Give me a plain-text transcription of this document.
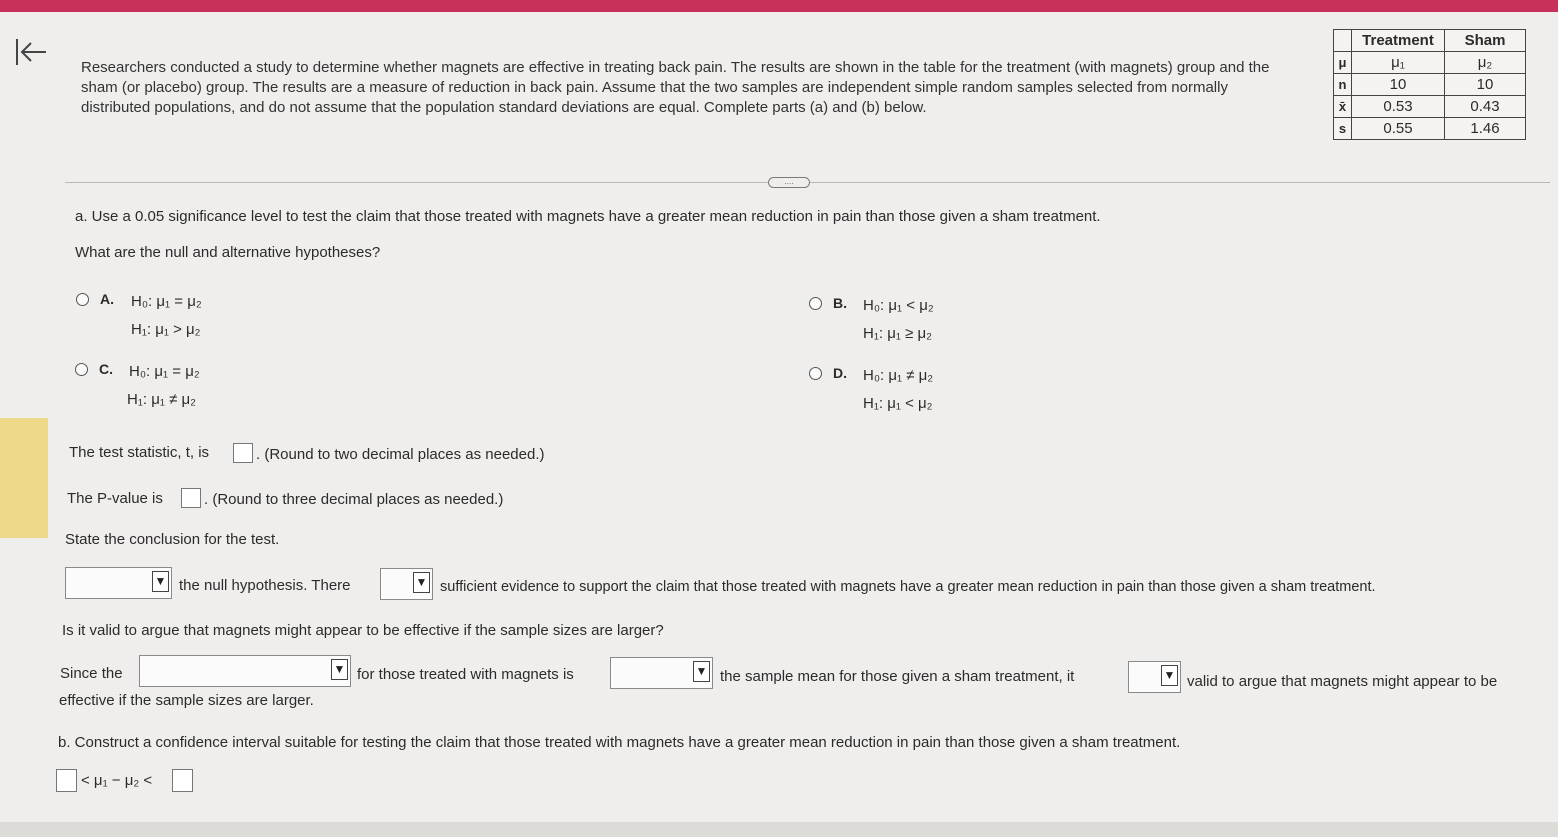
Researchers conducted a study to determine whether magnets are effective in treating back pain. The results are shown in the table for the treatment (with magnets) group and the sham (or placebo) group. The results are a measure of reduction in back pain. Assume that the two samples are independent simple random samples selected from normally distributed populations, and do not assume that the population standard deviations are equal. Complete parts (a) and (b) below.

	Treatment	Sham
μ	μ₁	μ₂
n	10	10
x̄	0.53	0.43
s	0.55	1.46
....
a. Use a 0.05 significance level to test the claim that those treated with magnets have a greater mean reduction in pain than those given a sham treatment.
What are the null and alternative hypotheses?
A. H₀: μ₁ = μ₂
H₁: μ₁ > μ₂
B. H₀: μ₁ < μ₂
H₁: μ₁ ≥ μ₂
C. H₀: μ₁ = μ₂
H₁: μ₁ ≠ μ₂
D. H₀: μ₁ ≠ μ₂
H₁: μ₁ < μ₂
The test statistic, t, is	. (Round to two decimal places as needed.)
The P-value is	. (Round to three decimal places as needed.)
State the conclusion for the test.
▼ the null hypothesis. There	▼ sufficient evidence to support the claim that those treated with magnets have a greater mean reduction in pain than those given a sham treatment.
Is it valid to argue that magnets might appear to be effective if the sample sizes are larger?
Since the	▼ for those treated with magnets is	▼ the sample mean for those given a sham treatment, it	▼ valid to argue that magnets might appear to be
effective if the sample sizes are larger.
b. Construct a confidence interval suitable for testing the claim that those treated with magnets have a greater mean reduction in pain than those given a sham treatment.
< μ₁ − μ₂ <
